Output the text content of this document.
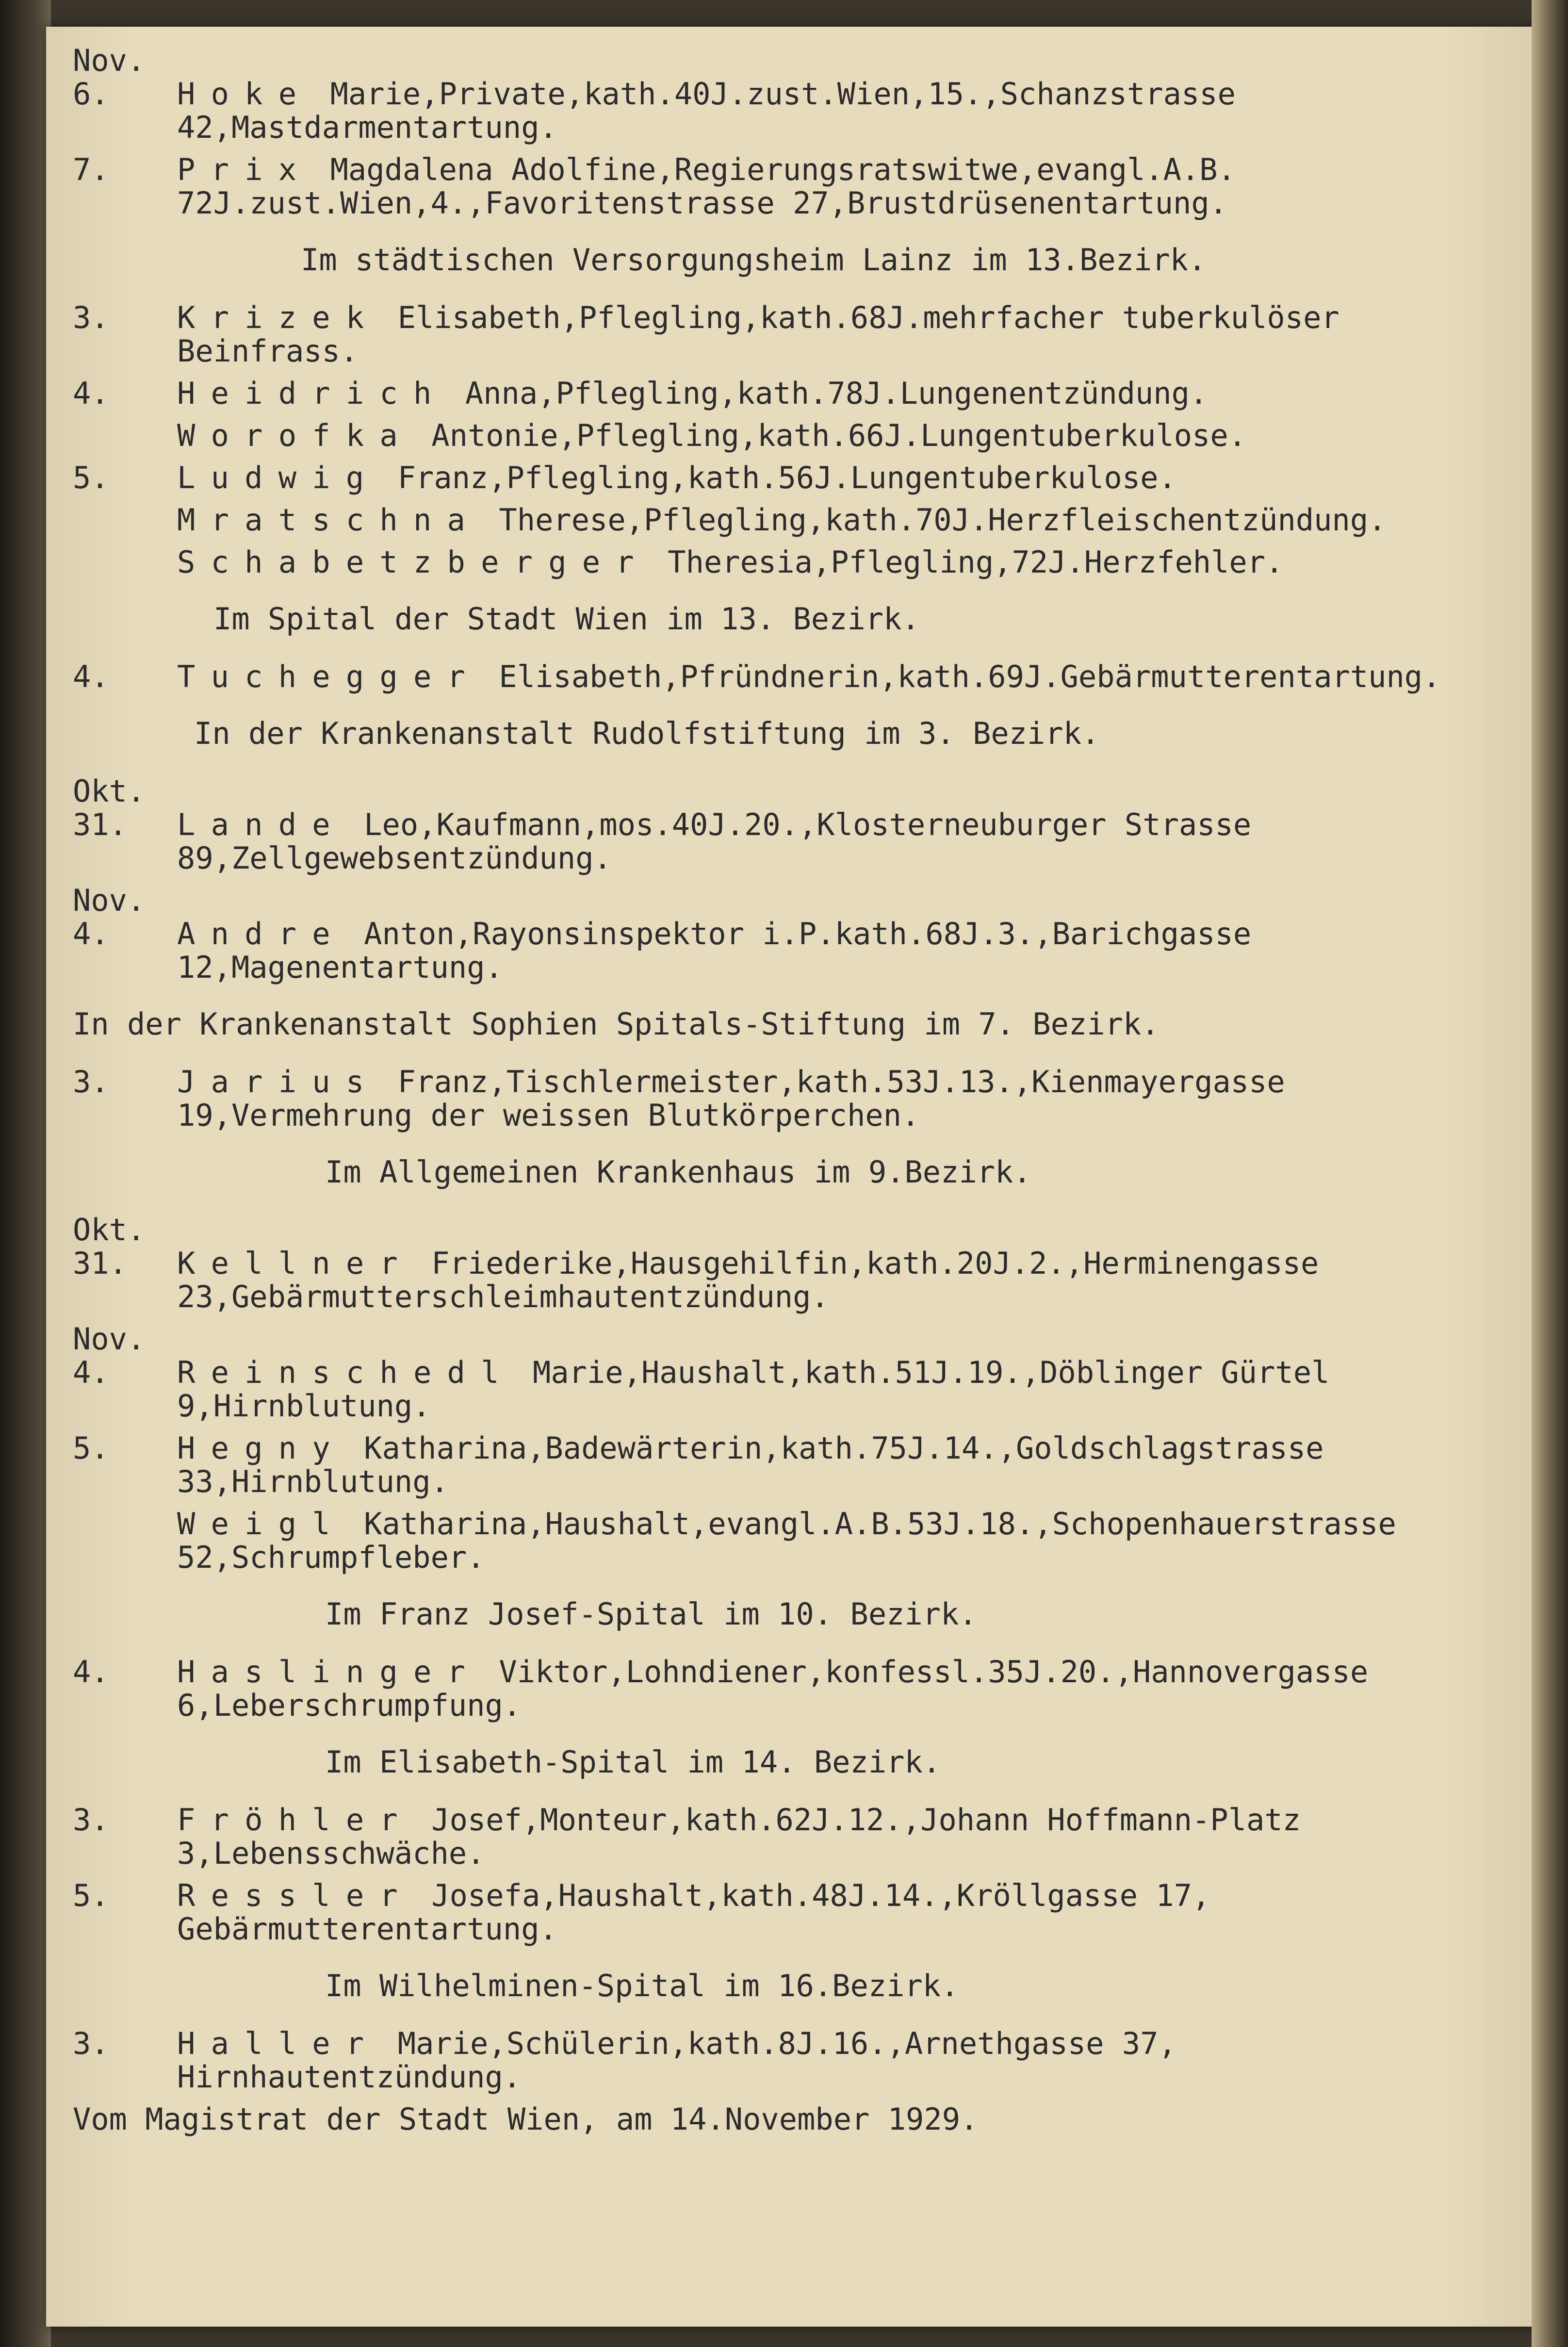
Nov.
6.	Hoke Marie,Private,kath.40J.zust.Wien,15.,Schanzstrasse 42,Mastdarmentartung.
7.	Prix Magdalena Adolfine,Regierungsratswitwe,evangl.A.B. 72J.zust.Wien,4.,Favoritenstrasse 27,Brustdrüsenentartung.
Im städtischen Versorgungsheim Lainz im 13.Bezirk.
3.	Krizek Elisabeth,Pflegling,kath.68J.mehrfacher tuberkulöser Beinfrass.
4.	Heidrich Anna,Pflegling,kath.78J.Lungenentzündung.
Worofka Antonie,Pflegling,kath.66J.Lungentuberkulose.
5.	Ludwig Franz,Pflegling,kath.56J.Lungentuberkulose.
Mratschna Therese,Pflegling,kath.70J.Herzfleischentzündung.
Schabetzberger Theresia,Pflegling,72J.Herzfehler.
Im Spital der Stadt Wien im 13. Bezirk.
4.	Tuchegger Elisabeth,Pfründnerin,kath.69J.Gebärmutterentartung.
In der Krankenanstalt Rudolfstiftung im 3. Bezirk.
Okt.
31.	Lande Leo,Kaufmann,mos.40J.20.,Klosterneuburger Strasse 89,Zellgewebsentzündung.
Nov.
4.	Andre Anton,Rayonsinspektor i.P.kath.68J.3.,Barichgasse 12,Magenentartung.
In der Krankenanstalt Sophien Spitals-Stiftung im 7. Bezirk.
3.	Jarius Franz,Tischlermeister,kath.53J.13.,Kienmayergasse 19,Vermehrung der weissen Blutkörperchen.
Im Allgemeinen Krankenhaus im 9.Bezirk.
Okt.
31.	Kellner Friederike,Hausgehilfin,kath.20J.2.,Herminengasse 23,Gebärmutterschleimhautentzündung.
Nov.
4.	Reinschedl Marie,Haushalt,kath.51J.19.,Döblinger Gürtel 9,Hirnblutung.
5.	Hegny Katharina,Badewärterin,kath.75J.14.,Goldschlagstrasse 33,Hirnblutung.
Weigl Katharina,Haushalt,evangl.A.B.53J.18.,Schopenhauerstrasse 52,Schrumpfleber.
Im Franz Josef-Spital im 10. Bezirk.
4.	Haslinger Viktor,Lohndiener,konfessl.35J.20.,Hannovergasse 6,Leberschrumpfung.
Im Elisabeth-Spital im 14. Bezirk.
3.	Fröhler Josef,Monteur,kath.62J.12.,Johann Hoffmann-Platz 3,Lebensschwäche.
5.	Ressler Josefa,Haushalt,kath.48J.14.,Kröllgasse 17, Gebärmutterentartung.
Im Wilhelminen-Spital im 16.Bezirk.
3.	Haller Marie,Schülerin,kath.8J.16.,Arnethgasse 37, Hirnhautentzündung.
Vom Magistrat der Stadt Wien, am 14.November 1929.
